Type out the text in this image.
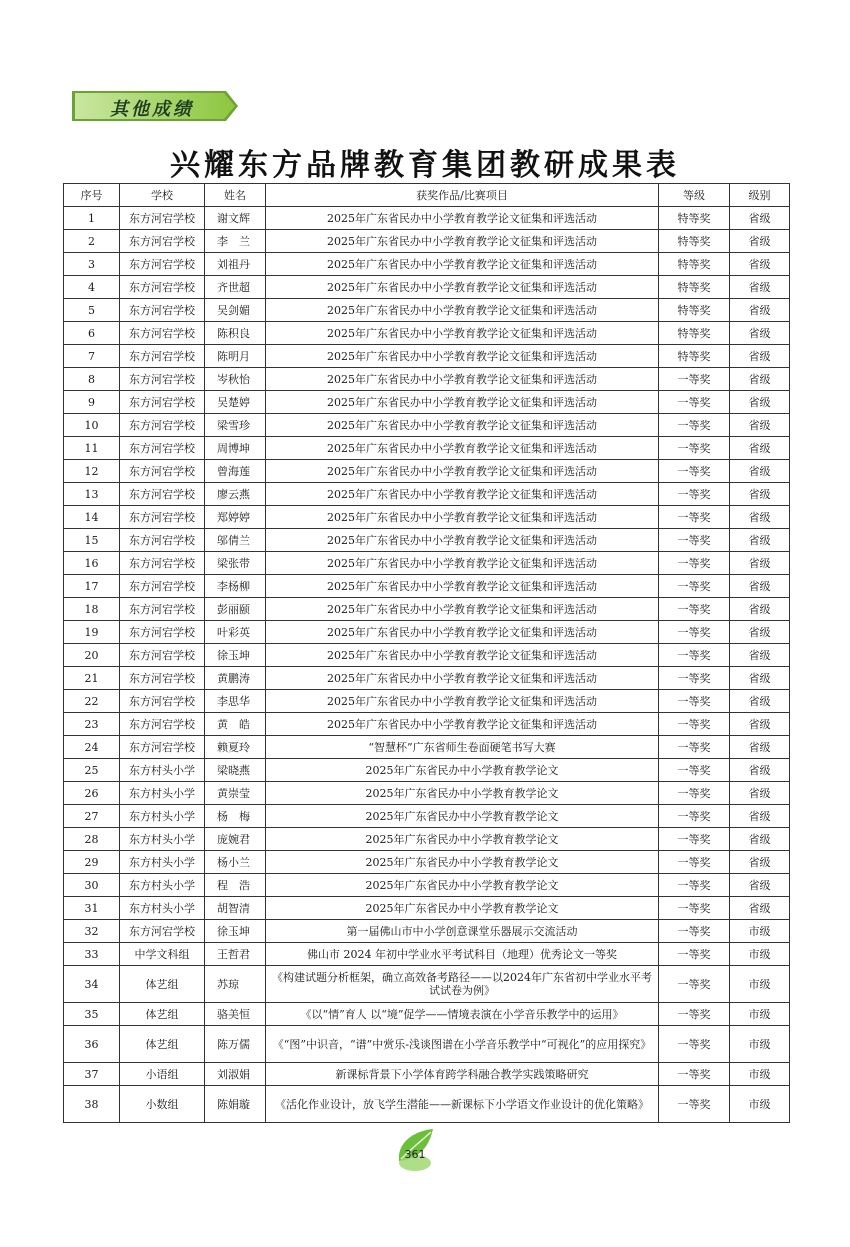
其他成绩
兴耀东方品牌教育集团教研成果表
序号	学校	姓名	获奖作品/比赛项目	等级	级别
1	东方河宕学校	谢文辉	2025年广东省民办中小学教育教学论文征集和评选活动	特等奖	省级
2	东方河宕学校	李　兰	2025年广东省民办中小学教育教学论文征集和评选活动	特等奖	省级
3	东方河宕学校	刘祖丹	2025年广东省民办中小学教育教学论文征集和评选活动	特等奖	省级
4	东方河宕学校	齐世超	2025年广东省民办中小学教育教学论文征集和评选活动	特等奖	省级
5	东方河宕学校	吴剑媚	2025年广东省民办中小学教育教学论文征集和评选活动	特等奖	省级
6	东方河宕学校	陈积良	2025年广东省民办中小学教育教学论文征集和评选活动	特等奖	省级
7	东方河宕学校	陈明月	2025年广东省民办中小学教育教学论文征集和评选活动	特等奖	省级
8	东方河宕学校	岑秋怡	2025年广东省民办中小学教育教学论文征集和评选活动	一等奖	省级
9	东方河宕学校	吴楚婷	2025年广东省民办中小学教育教学论文征集和评选活动	一等奖	省级
10	东方河宕学校	梁雪珍	2025年广东省民办中小学教育教学论文征集和评选活动	一等奖	省级
11	东方河宕学校	周博坤	2025年广东省民办中小学教育教学论文征集和评选活动	一等奖	省级
12	东方河宕学校	曾海莲	2025年广东省民办中小学教育教学论文征集和评选活动	一等奖	省级
13	东方河宕学校	廖云燕	2025年广东省民办中小学教育教学论文征集和评选活动	一等奖	省级
14	东方河宕学校	郑婷婷	2025年广东省民办中小学教育教学论文征集和评选活动	一等奖	省级
15	东方河宕学校	邬倩兰	2025年广东省民办中小学教育教学论文征集和评选活动	一等奖	省级
16	东方河宕学校	梁张带	2025年广东省民办中小学教育教学论文征集和评选活动	一等奖	省级
17	东方河宕学校	李杨柳	2025年广东省民办中小学教育教学论文征集和评选活动	一等奖	省级
18	东方河宕学校	彭丽颐	2025年广东省民办中小学教育教学论文征集和评选活动	一等奖	省级
19	东方河宕学校	叶彩英	2025年广东省民办中小学教育教学论文征集和评选活动	一等奖	省级
20	东方河宕学校	徐玉坤	2025年广东省民办中小学教育教学论文征集和评选活动	一等奖	省级
21	东方河宕学校	黄鹏涛	2025年广东省民办中小学教育教学论文征集和评选活动	一等奖	省级
22	东方河宕学校	李思华	2025年广东省民办中小学教育教学论文征集和评选活动	一等奖	省级
23	东方河宕学校	黄　皓	2025年广东省民办中小学教育教学论文征集和评选活动	一等奖	省级
24	东方河宕学校	赖夏玲	“智慧杯”广东省师生卷面硬笔书写大赛	一等奖	省级
25	东方村头小学	梁晓燕	2025年广东省民办中小学教育教学论文	一等奖	省级
26	东方村头小学	黄崇莹	2025年广东省民办中小学教育教学论文	一等奖	省级
27	东方村头小学	杨　梅	2025年广东省民办中小学教育教学论文	一等奖	省级
28	东方村头小学	庞婉君	2025年广东省民办中小学教育教学论文	一等奖	省级
29	东方村头小学	杨小兰	2025年广东省民办中小学教育教学论文	一等奖	省级
30	东方村头小学	程　浩	2025年广东省民办中小学教育教学论文	一等奖	省级
31	东方村头小学	胡智清	2025年广东省民办中小学教育教学论文	一等奖	省级
32	东方河宕学校	徐玉坤	第一届佛山市中小学创意课堂乐器展示交流活动	一等奖	市级
33	中学文科组	王哲君	佛山市 2024 年初中学业水平考试科目（地理）优秀论文一等奖	一等奖	市级
34	体艺组	苏琼	《构建试题分析框架，确立高效备考路径——以2024年广东省初中学业水平考试试卷为例》	一等奖	市级
35	体艺组	骆美恒	《以“情”育人 以“境”促学——情境表演在小学音乐教学中的运用》	一等奖	市级
36	体艺组	陈万儒	《“图”中识音，“谱”中赏乐-浅谈图谱在小学音乐教学中“可视化”的应用探究》	一等奖	市级
37	小语组	刘淑娟	新课标背景下小学体育跨学科融合教学实践策略研究	一等奖	市级
38	小数组	陈娟璇	《活化作业设计，放飞学生潜能——新课标下小学语文作业设计的优化策略》	一等奖	市级
361
